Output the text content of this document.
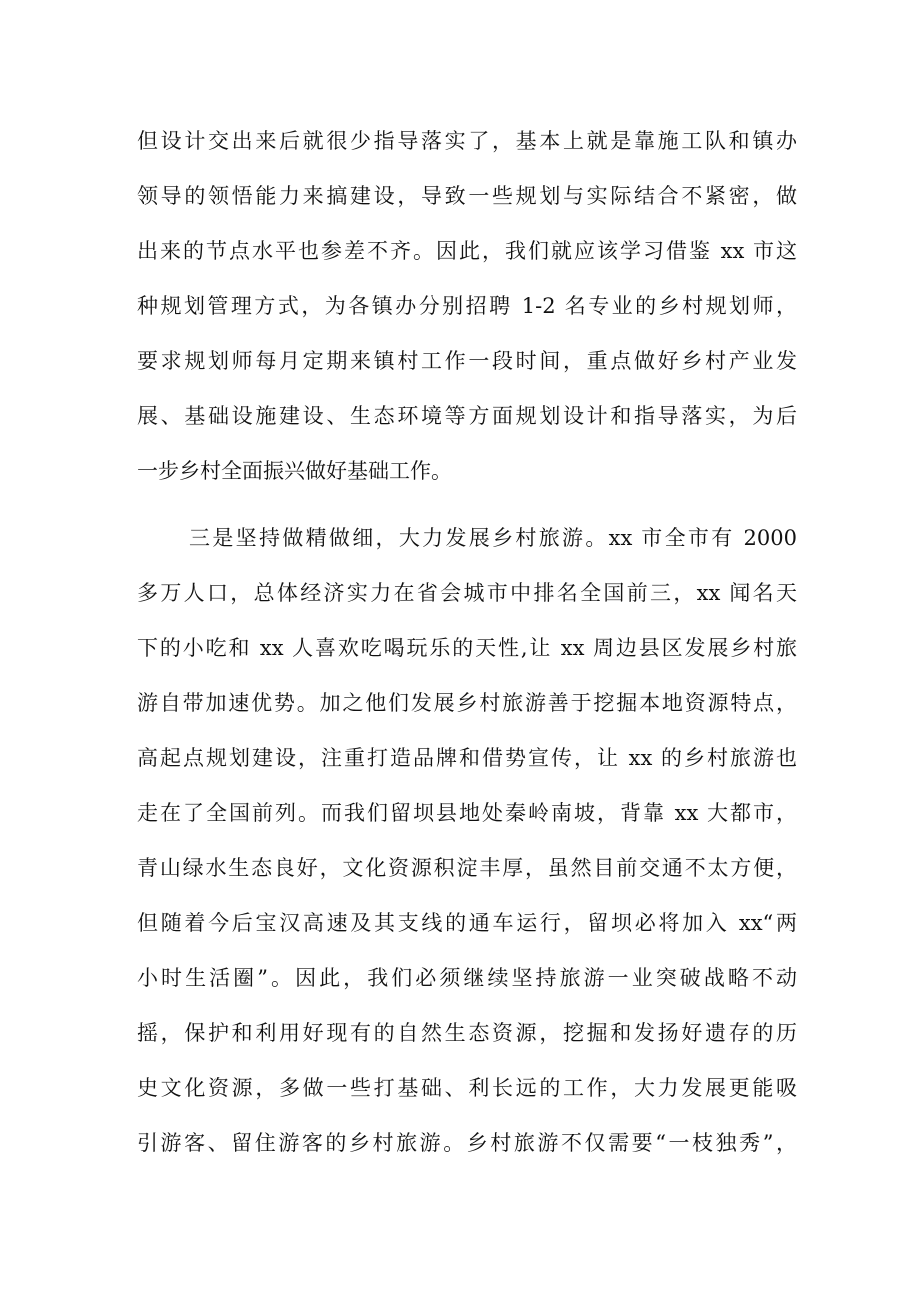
但设计交出来后就很少指导落实了，基本上就是靠施工队和镇办
领导的领悟能力来搞建设，导致一些规划与实际结合不紧密，做
出来的节点水平也参差不齐。因此，我们就应该学习借鉴 xx 市这
种规划管理方式，为各镇办分别招聘 1-2 名专业的乡村规划师，
要求规划师每月定期来镇村工作一段时间，重点做好乡村产业发
展、基础设施建设、生态环境等方面规划设计和指导落实，为后
一步乡村全面振兴做好基础工作。
三是坚持做精做细，大力发展乡村旅游。xx 市全市有 2000
多万人口，总体经济实力在省会城市中排名全国前三，xx 闻名天
下的小吃和 xx 人喜欢吃喝玩乐的天性,让 xx 周边县区发展乡村旅
游自带加速优势。加之他们发展乡村旅游善于挖掘本地资源特点，
高起点规划建设，注重打造品牌和借势宣传，让 xx 的乡村旅游也
走在了全国前列。而我们留坝县地处秦岭南坡，背靠 xx 大都市，
青山绿水生态良好，文化资源积淀丰厚，虽然目前交通不太方便，
但随着今后宝汉高速及其支线的通车运行，留坝必将加入 xx“两
小时生活圈”。因此，我们必须继续坚持旅游一业突破战略不动
摇，保护和利用好现有的自然生态资源，挖掘和发扬好遗存的历
史文化资源，多做一些打基础、利长远的工作，大力发展更能吸
引游客、留住游客的乡村旅游。乡村旅游不仅需要“一枝独秀”，
